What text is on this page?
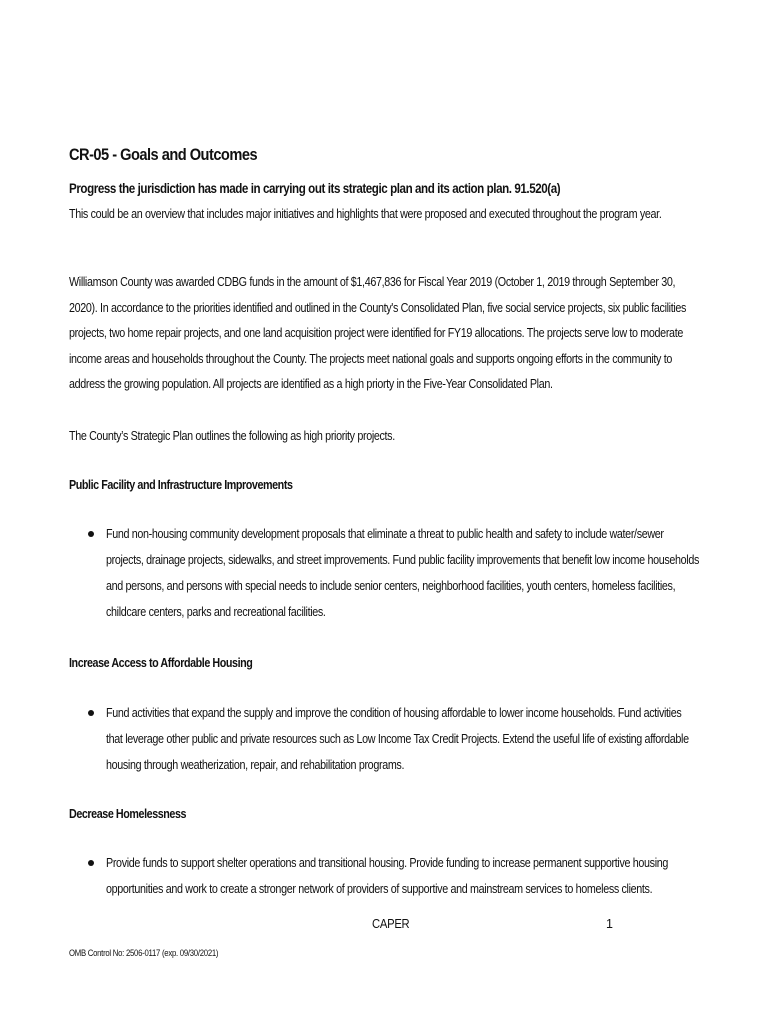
CR-05 - Goals and Outcomes
Progress the jurisdiction has made in carrying out its strategic plan and its action plan. 91.520(a)
This could be an overview that includes major initiatives and highlights that were proposed and executed throughout the program year.

Williamson County was awarded CDBG funds in the amount of $1,467,836 for Fiscal Year 2019 (October 1, 2019 through September 30, 2020). In accordance to the priorities identified and outlined in the County's Consolidated Plan, five social service projects, six public facilities projects, two home repair projects, and one land acquisition project were identified for FY19 allocations. The projects serve low to moderate income areas and households throughout the County. The projects meet national goals and supports ongoing efforts in the community to address the growing population. All projects are identified as a high priorty in the Five-Year Consolidated Plan.

The County’s Strategic Plan outlines the following as high priority projects.

Public Facility and Infrastructure Improvements

Fund non-housing community development proposals that eliminate a threat to public health and safety to include water/sewer projects, drainage projects, sidewalks, and street improvements. Fund public facility improvements that benefit low income households and persons, and persons with special needs to include senior centers, neighborhood facilities, youth centers, homeless facilities, childcare centers, parks and recreational facilities.

Increase Access to Affordable Housing

Fund activities that expand the supply and improve the condition of housing affordable to lower income households. Fund activities that leverage other public and private resources such as Low Income Tax Credit Projects. Extend the useful life of existing affordable housing through weatherization, repair, and rehabilitation programs.

Decrease Homelessness

Provide funds to support shelter operations and transitional housing. Provide funding to increase permanent supportive housing opportunities and work to create a stronger network of providers of supportive and mainstream services to homeless clients.

CAPER	1
OMB Control No: 2506-0117 (exp. 09/30/2021)
